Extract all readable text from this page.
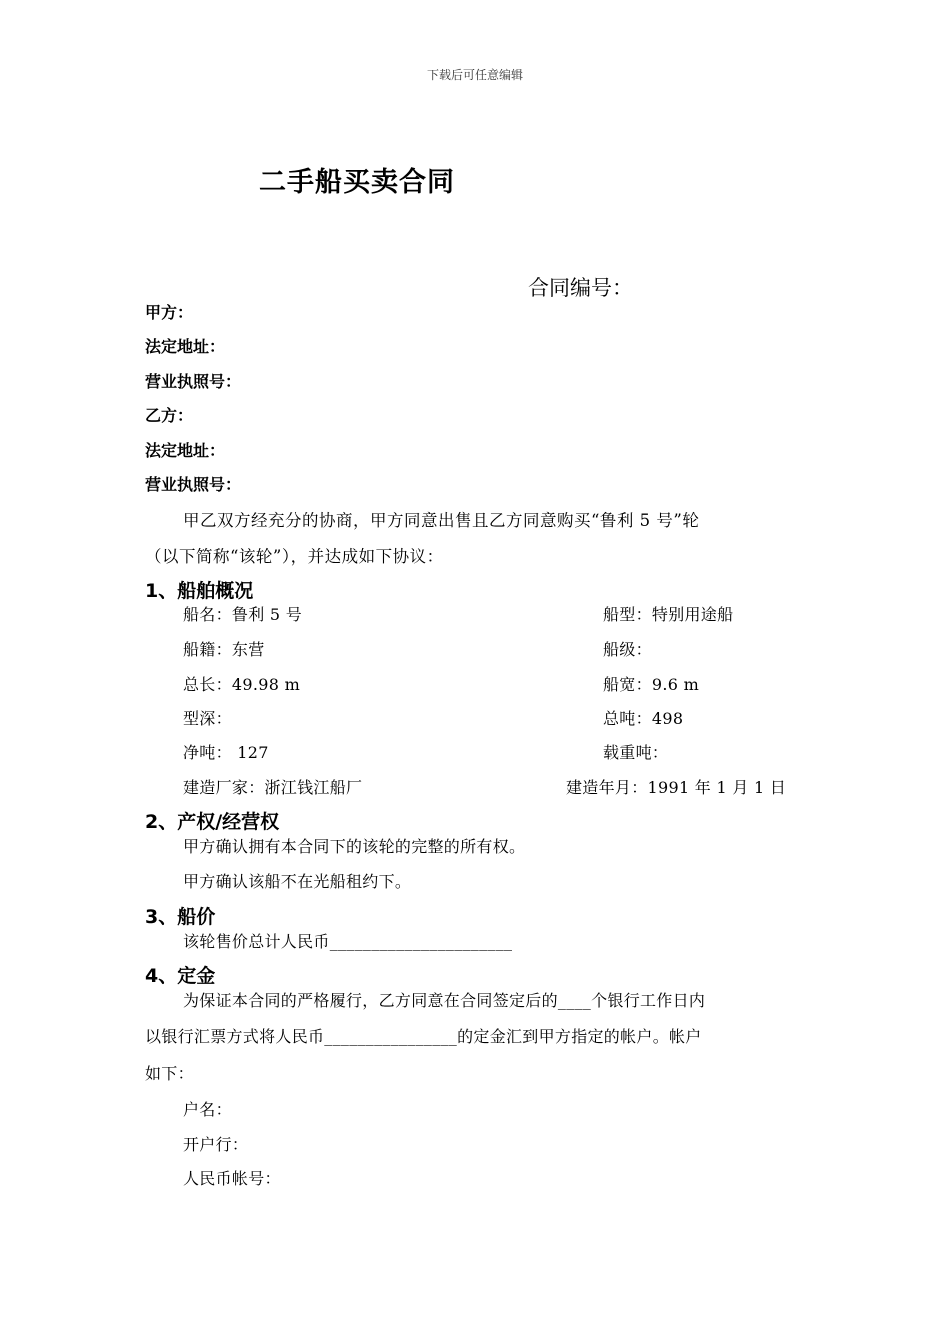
下载后可任意编辑
二手船买卖合同
合同编号：
甲方：
法定地址：
营业执照号：
乙方：
法定地址：
营业执照号：
甲乙双方经充分的协商，甲方同意出售且乙方同意购买“鲁利 5 号”轮
（以下简称“该轮”），并达成如下协议：
1、船舶概况
船名：鲁利 5 号	船型：特别用途船
船籍：东营	船级：
总长：49.98 m	船宽：9.6 m
型深：	总吨：498
净吨： 127	载重吨：
建造厂家：浙江钱江船厂	建造年月：1991 年 1 月 1 日
2、产权/经营权
甲方确认拥有本合同下的该轮的完整的所有权。
甲方确认该船不在光船租约下。
3、船价
该轮售价总计人民币______________________
4、定金
为保证本合同的严格履行，乙方同意在合同签定后的____个银行工作日内
以银行汇票方式将人民币________________的定金汇到甲方指定的帐户。帐户
如下：
户名：
开户行：
人民币帐号：
